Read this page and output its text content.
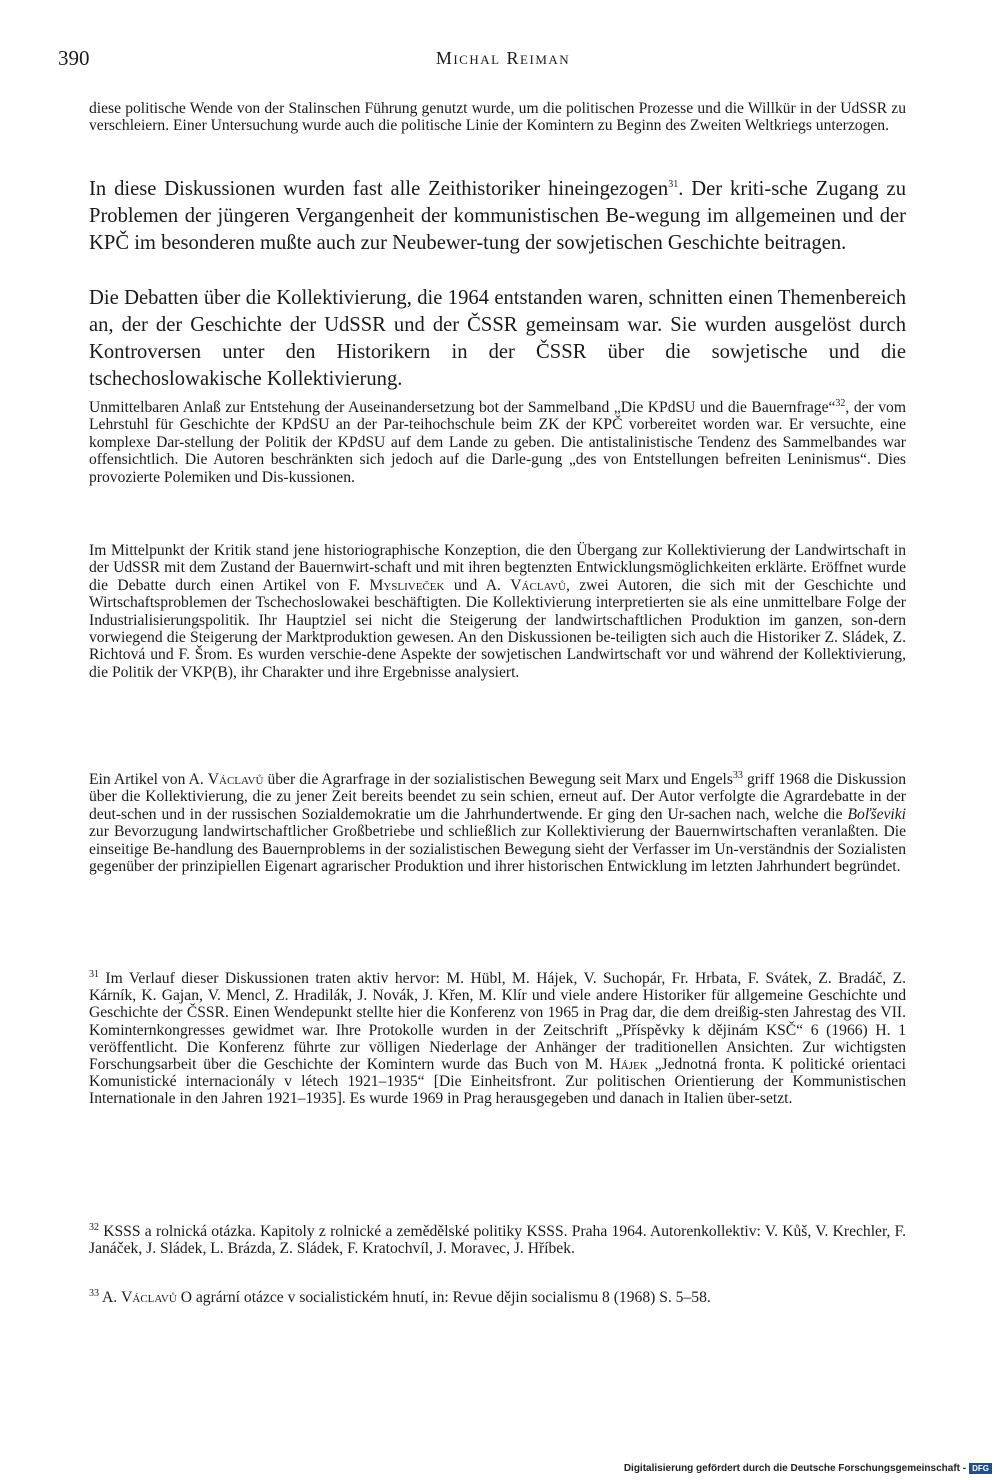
390	Michal Reiman

diese politische Wende von der Stalinschen Führung genutzt wurde, um die politischen Prozesse und die Willkür in der UdSSR zu verschleiern. Einer Untersuchung wurde auch die politische Linie der Komintern zu Beginn des Zweiten Weltkriegs unterzogen.

In diese Diskussionen wurden fast alle Zeithistoriker hineingezogen$^{31}$. Der kriti-sche Zugang zu Problemen der jüngeren Vergangenheit der kommunistischen Be-wegung im allgemeinen und der KPČ im besonderen mußte auch zur Neubewer-tung der sowjetischen Geschichte beitragen.

Die Debatten über die Kollektivierung, die 1964 entstanden waren, schnitten einen Themenbereich an, der der Geschichte der UdSSR und der ČSSR gemeinsam war. Sie wurden ausgelöst durch Kontroversen unter den Historikern in der ČSSR über die sowjetische und die tschechoslowakische Kollektivierung.

Unmittelbaren Anlaß zur Entstehung der Auseinandersetzung bot der Sammelband „Die KPdSU und die Bauernfrage“$^{32}$, der vom Lehrstuhl für Geschichte der KPdSU an der Par-teihochschule beim ZK der KPČ vorbereitet worden war. Er versuchte, eine komplexe Dar-stellung der Politik der KPdSU auf dem Lande zu geben. Die antistalinistische Tendenz des Sammelbandes war offensichtlich. Die Autoren beschränkten sich jedoch auf die Darle-gung „des von Entstellungen befreiten Leninismus“. Dies provozierte Polemiken und Dis-kussionen.

Im Mittelpunkt der Kritik stand jene historiographische Konzeption, die den Übergang zur Kollektivierung der Landwirtschaft in der UdSSR mit dem Zustand der Bauernwirt-schaft und mit ihren begtenzten Entwicklungsmöglichkeiten erklärte. Eröffnet wurde die Debatte durch einen Artikel von F. Mysliveček und A. Václavů, zwei Autoren, die sich mit der Geschichte und Wirtschaftsproblemen der Tschechoslowakei beschäftigten. Die Kollektivierung interpretierten sie als eine unmittelbare Folge der Industrialisierungspolitik. Ihr Hauptziel sei nicht die Steigerung der landwirtschaftlichen Produktion im ganzen, son-dern vorwiegend die Steigerung der Marktproduktion gewesen. An den Diskussionen be-teiligten sich auch die Historiker Z. Sládek, Z. Richtová und F. Šrom. Es wurden verschie-dene Aspekte der sowjetischen Landwirtschaft vor und während der Kollektivierung, die Politik der VKP(B), ihr Charakter und ihre Ergebnisse analysiert.

Ein Artikel von A. Václavů über die Agrarfrage in der sozialistischen Bewegung seit Marx und Engels$^{33}$ griff 1968 die Diskussion über die Kollektivierung, die zu jener Zeit bereits beendet zu sein schien, erneut auf. Der Autor verfolgte die Agrardebatte in der deut-schen und in der russischen Sozialdemokratie um die Jahrhundertwende. Er ging den Ur-sachen nach, welche die Boľševiki zur Bevorzugung landwirtschaftlicher Großbetriebe und schließlich zur Kollektivierung der Bauernwirtschaften veranlaßten. Die einseitige Be-handlung des Bauernproblems in der sozialistischen Bewegung sieht der Verfasser im Un-verständnis der Sozialisten gegenüber der prinzipiellen Eigenart agrarischer Produktion und ihrer historischen Entwicklung im letzten Jahrhundert begründet.

$^{31}$ Im Verlauf dieser Diskussionen traten aktiv hervor: M. Hübl, M. Hájek, V. Suchopár, Fr. Hrbata, F. Svátek, Z. Bradáč, Z. Kárník, K. Gajan, V. Mencl, Z. Hradilák, J. Novák, J. Křen, M. Klír und viele andere Historiker für allgemeine Geschichte und Geschichte der ČSSR. Einen Wendepunkt stellte hier die Konferenz von 1965 in Prag dar, die dem dreißig-sten Jahrestag des VII. Kominternkongresses gewidmet war. Ihre Protokolle wurden in der Zeitschrift „Příspěvky k dějinám KSČ“ 6 (1966) H. 1 veröffentlicht. Die Konferenz führte zur völligen Niederlage der Anhänger der traditionellen Ansichten. Zur wichtigsten Forschungsarbeit über die Geschichte der Komintern wurde das Buch von M. Hájek „Jednotná fronta. K politické orientaci Komunistické internacionály v létech 1921–1935“ [Die Einheitsfront. Zur politischen Orientierung der Kommunistischen Internationale in den Jahren 1921–1935]. Es wurde 1969 in Prag herausgegeben und danach in Italien über-setzt.

$^{32}$ KSSS a rolnická otázka. Kapitoly z rolnické a zemědělské politiky KSSS. Praha 1964. Autorenkollektiv: V. Kůš, V. Krechler, F. Janáček, J. Sládek, L. Brázda, Z. Sládek, F. Kratochvíl, J. Moravec, J. Hříbek.

$^{33}$ A. Václavů O agrární otázce v socialistickém hnutí, in: Revue dějin socialismu 8 (1968) S. 5–58.

Digitalisierung gefördert durch die Deutsche Forschungsgemeinschaft - DFG
